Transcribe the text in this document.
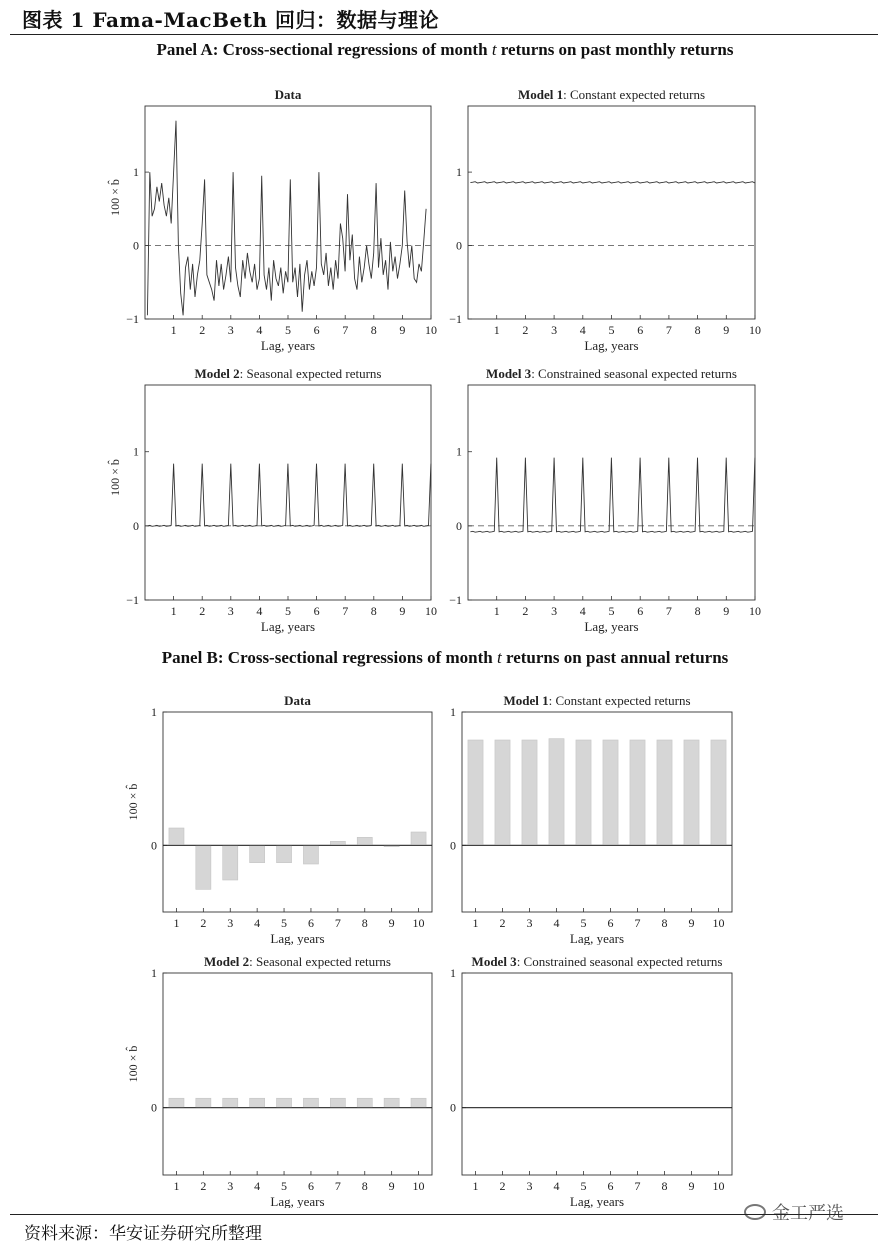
图表 1 Fama-MacBeth 回归：数据与理论
Panel A: Cross-sectional regressions of month t returns on past monthly returns
Data
−1
0
1
1 2 3 4 5 6 7 8 9 10
Lag, years
100 × b̂
Model 1: Constant expected returns
−1
0
1
1 2 3 4 5 6 7 8 9 10
Lag, years
Model 2: Seasonal expected returns
−1
0
1
1 2 3 4 5 6 7 8 9 10
Lag, years
100 × b̂
Model 3: Constrained seasonal expected returns
−1
0
1
1 2 3 4 5 6 7 8 9 10
Lag, years
Panel B: Cross-sectional regressions of month t returns on past annual returns
Data
0
1
1 2 3 4 5 6 7 8 9 10
Lag, years
100 × b̂
Model 1: Constant expected returns
0
1
1 2 3 4 5 6 7 8 9 10
Lag, years
Model 2: Seasonal expected returns
0
1
1 2 3 4 5 6 7 8 9 10
Lag, years
100 × b̂
Model 3: Constrained seasonal expected returns
0
1
1 2 3 4 5 6 7 8 9 10
Lag, years
金工严选
资料来源：华安证券研究所整理
